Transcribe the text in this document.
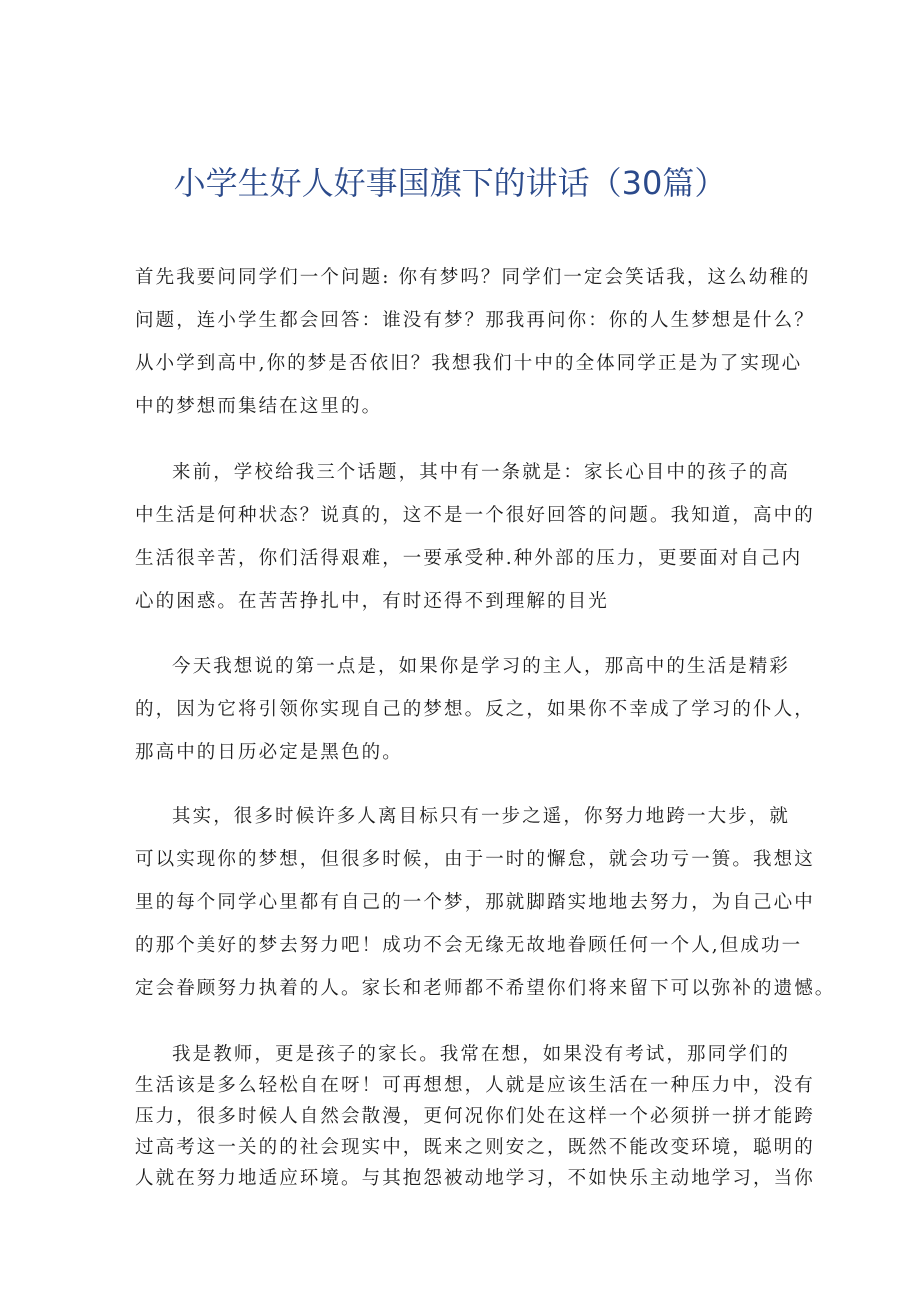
小学生好人好事国旗下的讲话（30篇）
首先我要问同学们一个问题: 你有梦吗？同学们一定会笑话我，这么幼稚的
问题，连小学生都会回答：谁没有梦？那我再问你：你的人生梦想是什么？
从小学到高中,你的梦是否依旧？我想我们十中的全体同学正是为了实现心
中的梦想而集结在这里的。
来前，学校给我三个话题，其中有一条就是：家长心目中的孩子的高
中生活是何种状态？说真的，这不是一个很好回答的问题。我知道，高中的
生活很辛苦，你们活得艰难，一要承受种.种外部的压力，更要面对自己内
心的困惑。在苦苦挣扎中，有时还得不到理解的目光
今天我想说的第一点是，如果你是学习的主人，那高中的生活是精彩
的，因为它将引领你实现自己的梦想。反之，如果你不幸成了学习的仆人，
那高中的日历必定是黑色的。
其实，很多时候许多人离目标只有一步之遥，你努力地跨一大步，就
可以实现你的梦想，但很多时候，由于一时的懈怠，就会功亏一篑。我想这
里的每个同学心里都有自己的一个梦，那就脚踏实地地去努力，为自己心中
的那个美好的梦去努力吧！成功不会无缘无故地眷顾任何一个人,但成功一
定会眷顾努力执着的人。家长和老师都不希望你们将来留下可以弥补的遗憾。
我是教师，更是孩子的家长。我常在想，如果没有考试，那同学们的
生活该是多么轻松自在呀！可再想想，人就是应该生活在一种压力中，没有
压力，很多时候人自然会散漫，更何况你们处在这样一个必须拼一拼才能跨
过高考这一关的的社会现实中，既来之则安之，既然不能改变环境，聪明的
人就在努力地适应环境。与其抱怨被动地学习，不如快乐主动地学习，当你
